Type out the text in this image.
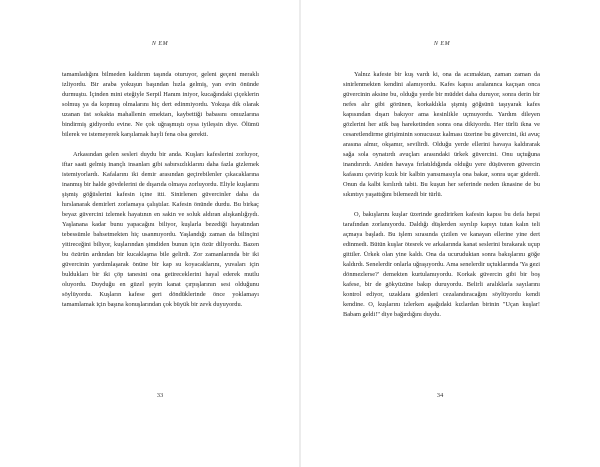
N EM

tamamladığını bilmeden kaldırım taşında oturuyor, geleni geçeni meraklı izliyordu. Bir araba yokuşun başından hızla gelmiş, yan evin önünde durmuştu. İçinden mini eteğiyle Serpil Hanım iniyor, kucağındaki çiçeklerin solmuş ya da kopmuş olmalarını hiç dert edinmiyordu. Yokuşa dik olarak uzanan üst sokakta mahallenin emektarı, kaybettiği babasını omuzlarına bindirmiş gidiyordu evine. Ne çok uğraşmıştı oysa iyileşsin diye. Ölümü bilerek ve istemeyerek karşılamak hayli fena olsa gerekti.

Arkasından gelen sesleri duydu bir anda. Kuşları kafeslerini zorluyor, iftar saati gelmiş inançlı insanları gibi sabırsızlıklarını daha fazla gizlemek istemiyorlardı. Kafalarını iki demir arasından geçirebilenler çıkacaklarına inanmış bir halde gövdelerini de dışarıda olmaya zorluyordu. Eliyle kuşlarını şişmiş göğüslerini kafesin içine itti. Sinirlenen güvercinler daha da hırslanarak demirleri zorlamaya çalıştılar. Kafesin önünde durdu. Bu birkaç beyaz güvercini izlemek hayatının en sakin ve soluk aldıran alışkanlığıydı. Yaşlanana kadar bunu yapacağını biliyor, kuşlarla bezediği hayatından tebessümle bahsetmekten hiç usanmıyordu. Yaşlandığı zaman da bilinçini yitireceğini biliyor, kuşlarından şimdiden bunun için özür diliyordu. Bazen bu özürün ardından bir kucaklaşma bile gelirdi. Zor zamanlarında bir iki güvercinin yardımlaşarak önüne bir kap su koyacaklarını, yuvaları için buldukları bir iki çöp tanesini ona getireceklerini hayal ederek mutlu oluyordu. Duyduğu en güzel şeyin kanat çırpışlarının sesi olduğunu söylüyordu. Kuşların kafese geri döndüklerinde önce yoklamayı tamamlamak için başına konuşlarından çok büyük bir zevk duyuyordu.

33
N EM

Yalnız kafeste bir kuş vardı ki, ona da acımaktan, zaman zaman da sinirlenmekten kendini alamıyordu. Kafes kapısı aralanınca kaçışan onca güvercinin aksine bu, olduğu yerde bir müddet daha duruyor, sonra derin bir nefes alır gibi görünen, korkaklıkla şişmiş göğsünü taşıyarak kafes kapısından dışarı bakıyor ama kesinlikle uçmuyordu. Yardım dileyen gözlerini her atik baş hareketinden sonra ona dikiyordu. Her türlü ikna ve cesaretlendirme girişiminin sonucusuz kalması üzerine bu güvercini, iki avuç arasına almır, okşamır, sevilirdi. Olduğu yerde ellerini havaya kaldırarak sağa sola oynatırdı avuçları arasındaki ürkek güvercini. Onu uçtuğuna inandırırdı. Aniden havaya fırlatıldığında olduğu yere düşüveren güvercin kafasını çevirip kızık bir kalbin yansımasıyla ona bakar, sonra uçar giderdi. Onun da kalbi kırılırdı tabii. Bu kuşun her seferinde neden iknasine de bu sıkıntıyı yaşattığını bilemezdi bir türlü.

O, bakışlarını kuşlar üzerinde gezdirirken kafesin kapısı bu defa hepsi tarafından zorlanıyordu. Daldığı düşlerden sıyrılıp kapıyı tutan kalın teli açmaya başladı. Bu işlem sırasında çizilen ve kanayan ellerine yine dert edinmedi. Bütün kuşlar ötesrek ve arkalarında kanat seslerini bırakarak uçup gittiler. Ürkek olan yine kaldı. Ona da ucuruduktan sonra bakışlarını göğe kaldırdı. Senelerdir onlarla uğraşıyordu. Ama senelerdir uçtuklarında 'Ya gezi dönmezlerse?' demekten kurtulamıyordu. Korkak güvercin gibi bir boş kafese, bir de gökyüzüne bakıp duruyordu. Belirli aralıklarla sayılarını kontrol ediyor, uzaklara gidenleri cezalandıracağını söylüyordu kendi kendine. O, kuşlarını izlerken aşağıdaki kızlardan birinin "Uçan kuşlar! Babam geldi!" diye bağırdığını duydu.

34
